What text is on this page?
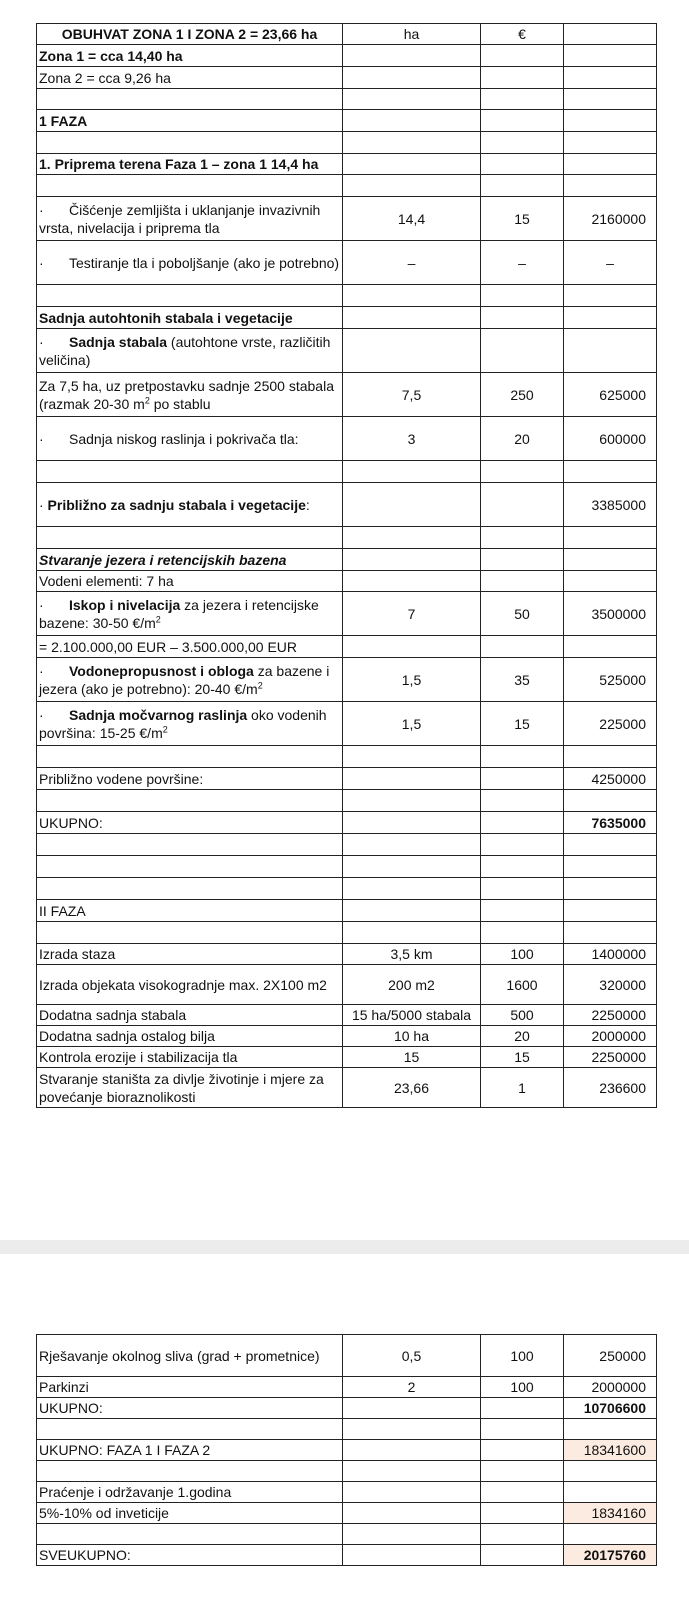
OBUHVAT ZONA 1 I ZONA 2 = 23,66 ha	ha	€	
Zona 1 = cca 14,40 ha			
Zona 2 = cca 9,26 ha			

1 FAZA			

1. Priprema terena Faza 1 – zona 1 14,4 ha			

· Čišćenje zemljišta i uklanjanje invazivnih vrsta, nivelacija i priprema tla	14,4	15	2160000
· Testiranje tla i poboljšanje (ako je potrebno)	–	–	–

Sadnja autohtonih stabala i vegetacije			
· Sadnja stabala (autohtone vrste, različitih veličina)			
Za 7,5 ha, uz pretpostavku sadnje 2500 stabala (razmak 20-30 $m^2$ po stablu	7,5	250	625000
· Sadnja niskog raslinja i pokrivača tla:	3	20	600000

· Približno za sadnju stabala i vegetacije:			3385000

Stvaranje jezera i retencijskih bazena			
Vodeni elementi: 7 ha			
· Iskop i nivelacija za jezera i retencijske bazene: 30-50 $€/m^2$	7	50	3500000
= 2.100.000,00 EUR – 3.500.000,00 EUR			
· Vodonepropusnost i obloga za bazene i jezera (ako je potrebno): 20-40 $€/m^2$	1,5	35	525000
· Sadnja močvarnog raslinja oko vodenih površina: 15-25 $€/m^2$	1,5	15	225000

Približno vodene površine:			4250000

UKUPNO:			7635000

II FAZA			

Izrada staza	3,5 km	100	1400000
Izrada objekata visokogradnje max. 2X100 m2	200 m2	1600	320000
Dodatna sadnja stabala	15 ha/5000 stabala	500	2250000
Dodatna sadnja ostalog bilja	10 ha	20	2000000
Kontrola erozije i stabilizacija tla	15	15	2250000
Stvaranje staništa za divlje životinje i mjere za povećanje bioraznolikosti	23,66	1	236600
Rješavanje okolnog sliva (grad + prometnice)	0,5	100	250000
Parkinzi	2	100	2000000
UKUPNO:			10706600

UKUPNO: FAZA 1 I FAZA 2			18341600

Praćenje i održavanje 1.godina			
5%-10% od inveticije			1834160

SVEUKUPNO:			20175760
